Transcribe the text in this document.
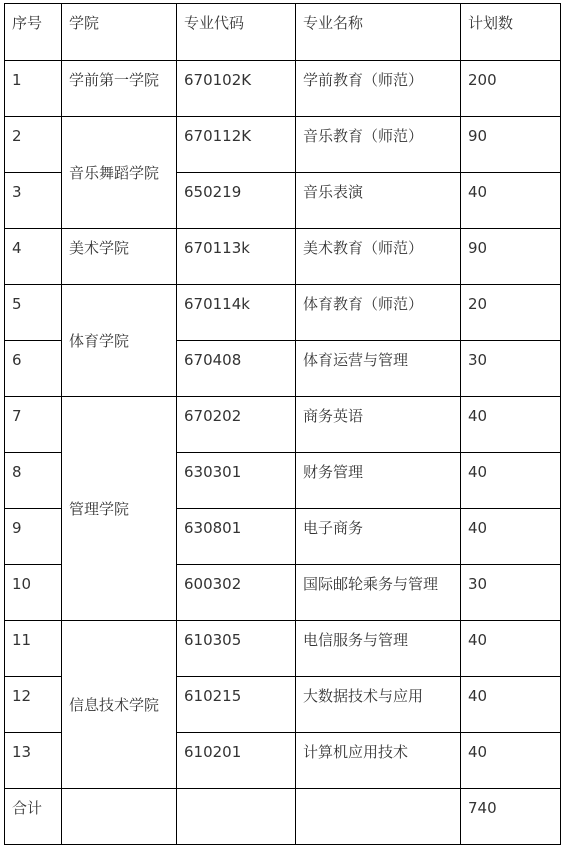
序号	学院	专业代码	专业名称	计划数
1	学前第一学院	670102K	学前教育（师范）	200
2	音乐舞蹈学院	670112K	音乐教育（师范）	90
3		650219	音乐表演	40
4	美术学院	670113k	美术教育（师范）	90
5	体育学院	670114k	体育教育（师范）	20
6		670408	体育运营与管理	30
7	管理学院	670202	商务英语	40
8		630301	财务管理	40
9		630801	电子商务	40
10		600302	国际邮轮乘务与管理	30
11	信息技术学院	610305	电信服务与管理	40
12		610215	大数据技术与应用	40
13		610201	计算机应用技术	40
合计				740
